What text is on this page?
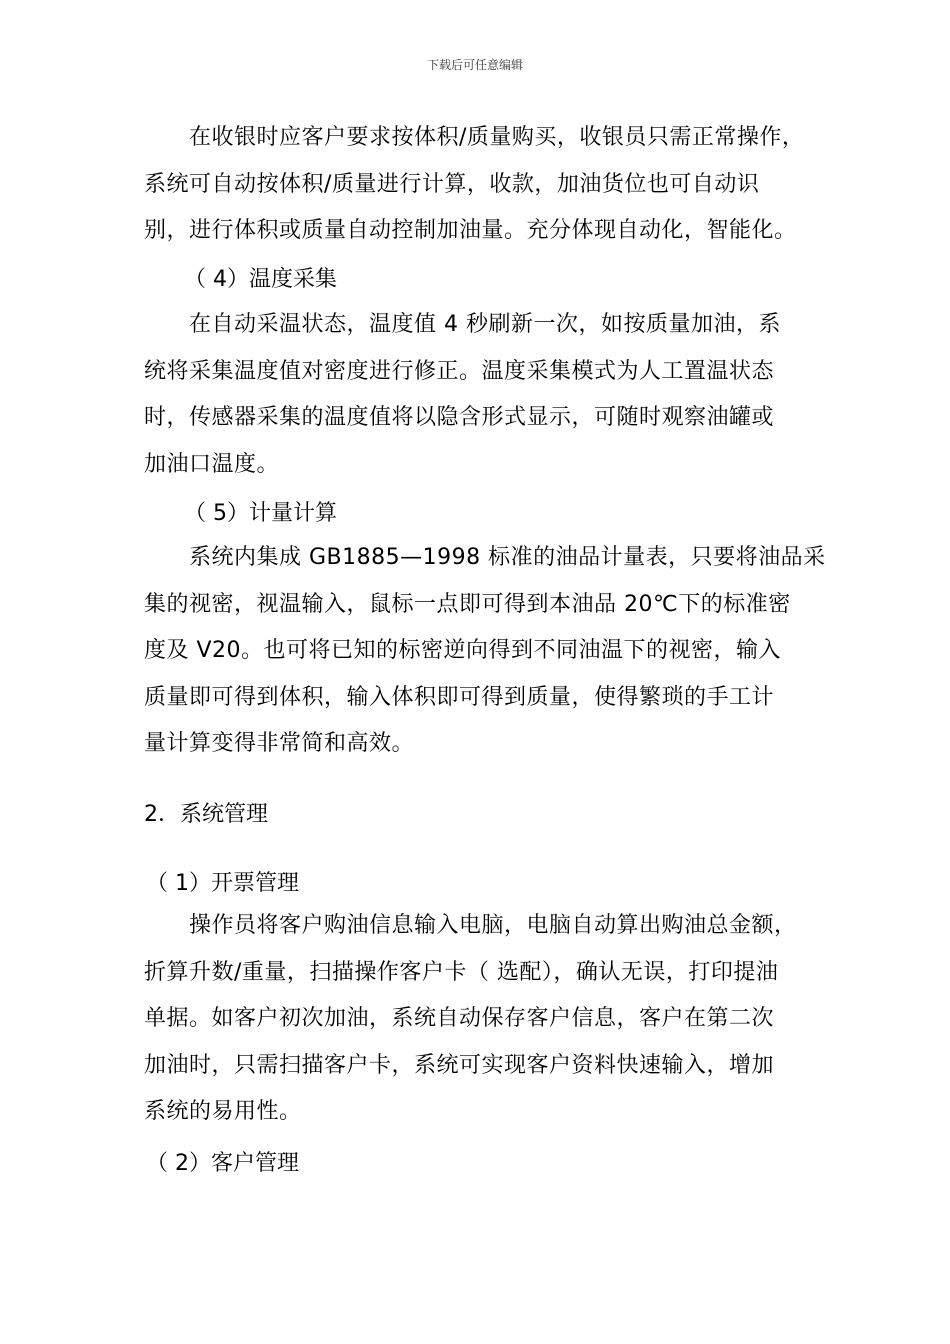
下载后可任意编辑
　　在收银时应客户要求按体积/质量购买，收银员只需正常操作，
系统可自动按体积/质量进行计算，收款，加油货位也可自动识
别，进行体积或质量自动控制加油量。充分体现自动化，智能化。
（ 4）温度采集
　　在自动采温状态，温度值 4 秒刷新一次，如按质量加油，系
统将采集温度值对密度进行修正。温度采集模式为人工置温状态
时，传感器采集的温度值将以隐含形式显示，可随时观察油罐或
加油口温度。
（ 5）计量计算
　　系统内集成 GB1885—1998 标准的油品计量表，只要将油品采
集的视密，视温输入，鼠标一点即可得到本油品 20℃下的标准密
度及 V20。也可将已知的标密逆向得到不同油温下的视密，输入
质量即可得到体积，输入体积即可得到质量，使得繁琐的手工计
量计算变得非常简和高效。
2．系统管理
（ 1）开票管理
　　操作员将客户购油信息输入电脑，电脑自动算出购油总金额，
折算升数/重量，扫描操作客户卡（ 选配），确认无误，打印提油
单据。如客户初次加油，系统自动保存客户信息，客户在第二次
加油时，只需扫描客户卡，系统可实现客户资料快速输入，增加
系统的易用性。
（ 2）客户管理
